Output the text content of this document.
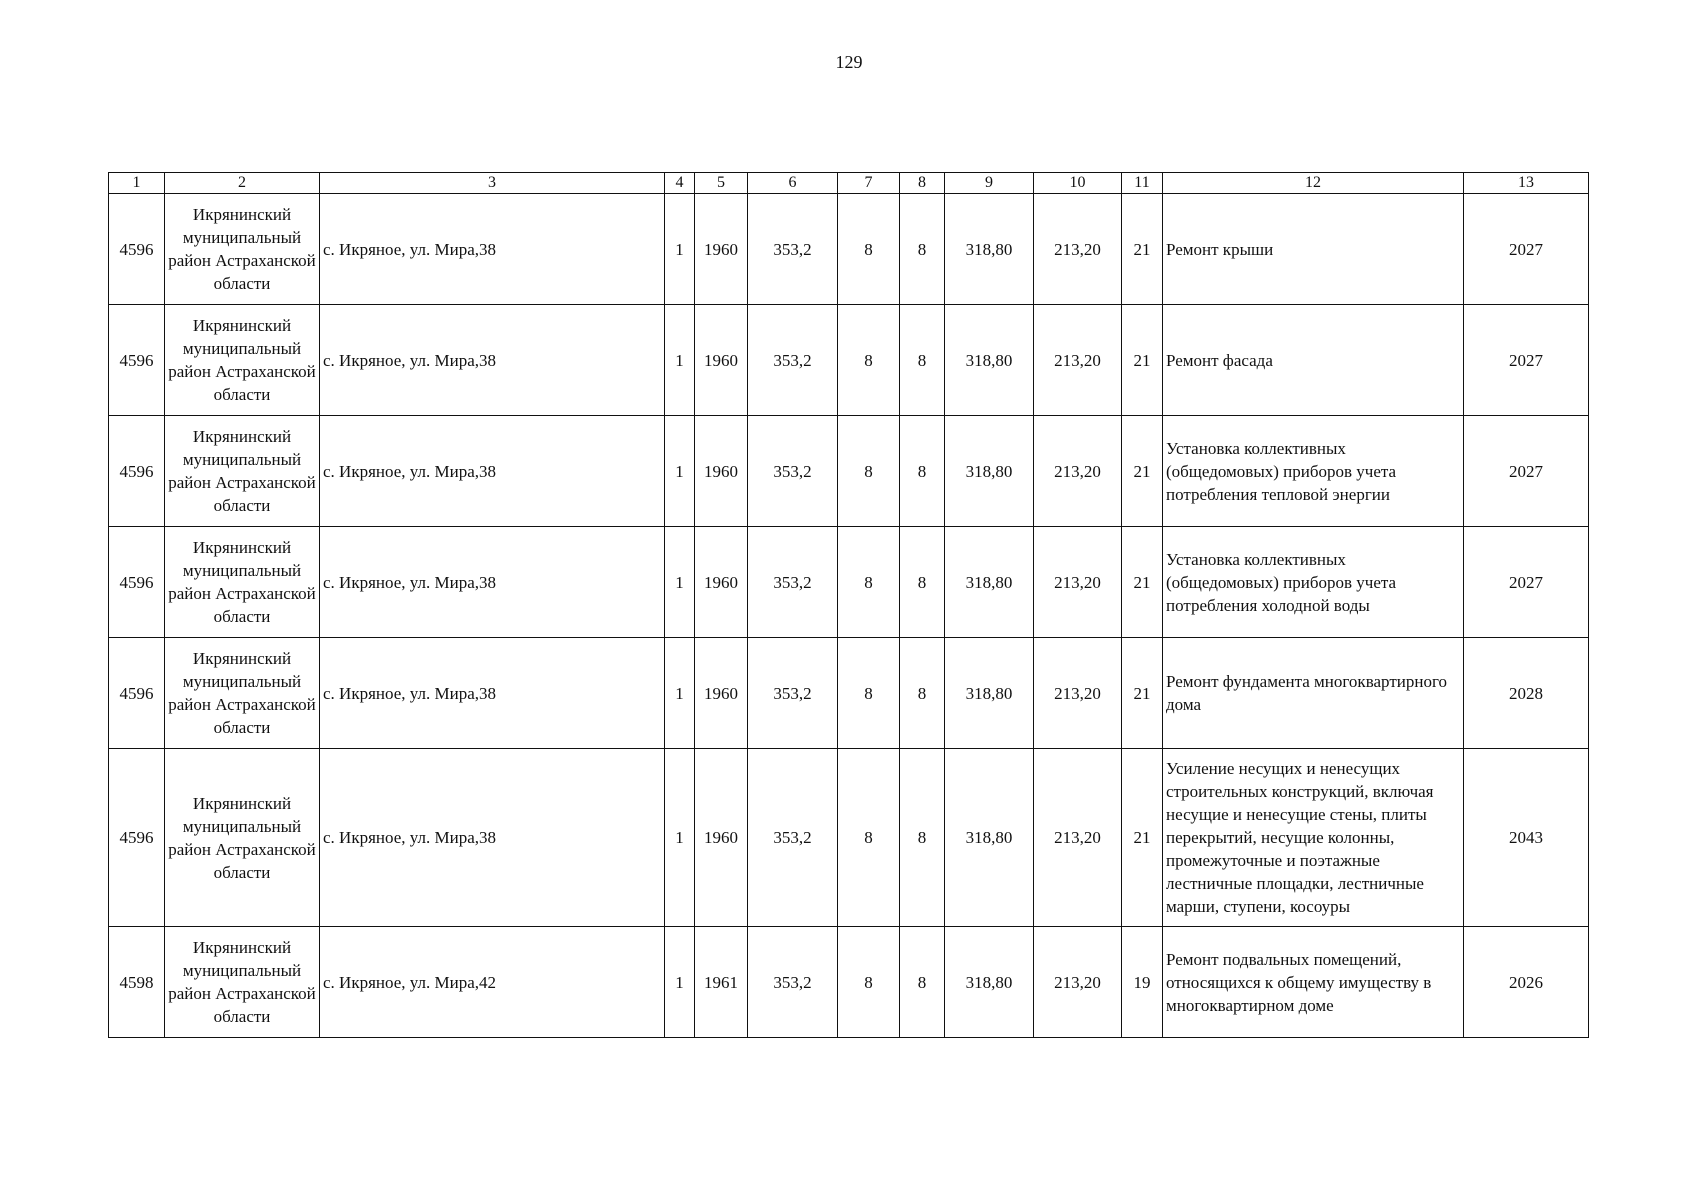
129
1	2	3	4	5	6	7	8	9	10	11	12	13
4596	Икрянинский муниципальный район Астраханской области	с. Икряное, ул. Мира,38	1	1960	353,2	8	8	318,80	213,20	21	Ремонт крыши	2027
4596	Икрянинский муниципальный район Астраханской области	с. Икряное, ул. Мира,38	1	1960	353,2	8	8	318,80	213,20	21	Ремонт фасада	2027
4596	Икрянинский муниципальный район Астраханской области	с. Икряное, ул. Мира,38	1	1960	353,2	8	8	318,80	213,20	21	Установка коллективных (общедомовых) приборов учета потребления тепловой энергии	2027
4596	Икрянинский муниципальный район Астраханской области	с. Икряное, ул. Мира,38	1	1960	353,2	8	8	318,80	213,20	21	Установка коллективных (общедомовых) приборов учета потребления холодной воды	2027
4596	Икрянинский муниципальный район Астраханской области	с. Икряное, ул. Мира,38	1	1960	353,2	8	8	318,80	213,20	21	Ремонт фундамента многоквартирного дома	2028
4596	Икрянинский муниципальный район Астраханской области	с. Икряное, ул. Мира,38	1	1960	353,2	8	8	318,80	213,20	21	Усиление несущих и ненесущих строительных конструкций, включая несущие и ненесущие стены, плиты перекрытий, несущие колонны, промежуточные и поэтажные лестничные площадки, лестничные марши, ступени, косоуры	2043
4598	Икрянинский муниципальный район Астраханской области	с. Икряное, ул. Мира,42	1	1961	353,2	8	8	318,80	213,20	19	Ремонт подвальных помещений, относящихся к общему имуществу в многоквартирном доме	2026
